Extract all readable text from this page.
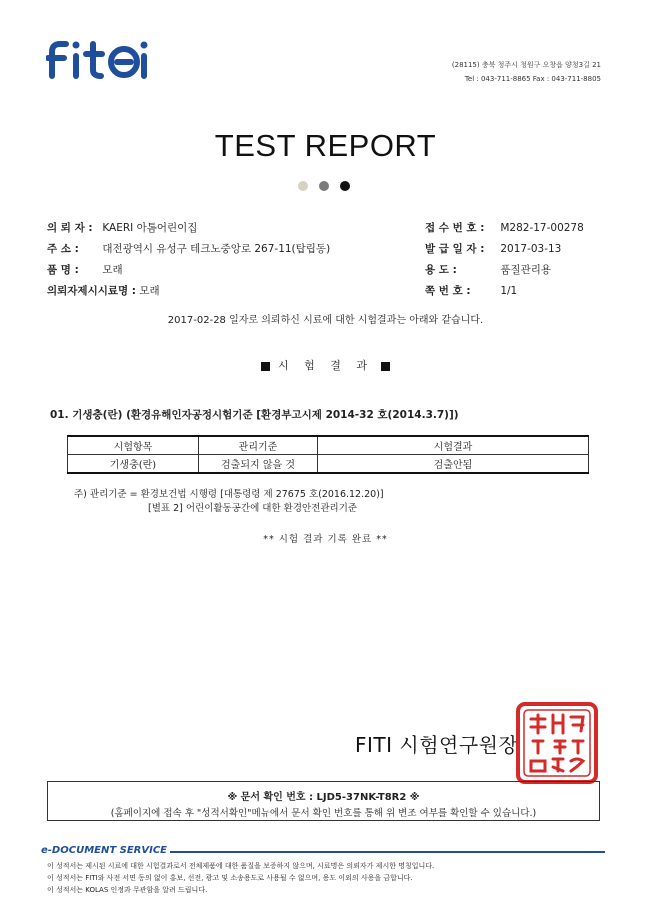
FITI
(28115) 충북 청주시 청원구 오창읍 양청3길 21
Tel : 043-711-8865 Fax : 043-711-8805
TEST REPORT
의 뢰 자 : KAERI 아톰어린이집
주 소 : 대전광역시 유성구 테크노중앙로 267-11(탑립동)
품 명 : 모래
의뢰자제시시료명 : 모래
접 수 번 호 : M282-17-00278
발 급 일 자 : 2017-03-13
용 도 :	품질관리용
쪽 번 호 :	1/1
2017-02-28 일자로 의뢰하신 시료에 대한 시험결과는 아래와 같습니다.
시 험 결 과
01. 기생충(란) (환경유해인자공정시험기준 [환경부고시제 2014-32 호(2014.3.7)])
시험항목	관리기준	시험결과
기생충(란)	검출되지 않을 것	검출안됨
주) 관리기준 = 환경보건법 시행령 [대통령령 제 27675 호(2016.12.20)]
[별표 2] 어린이활동공간에 대한 환경안전관리기준
** 시험 결과 기록 완료 **
FITI 시험연구원장
※ 문서 확인 번호 : LJD5-37NK-T8R2 ※
(홈페이지에 접속 후 "성적서확인"메뉴에서 문서 확인 번호를 통해 위 변조 여부를 확인할 수 있습니다.)
e-DOCUMENT SERVICE
이 성적서는 제시된 시료에 대한 시험결과로서 전체제품에 대한 품질을 보증하지 않으며, 시료명은 의뢰자가 제시한 명칭입니다.
이 성적서는 FITI와 사전 서면 동의 없이 홍보, 선전, 광고 및 소송용도로 사용될 수 없으며, 용도 이외의 사용을 금합니다.
이 성적서는 KOLAS 인정과 무관함을 알려 드립니다.
